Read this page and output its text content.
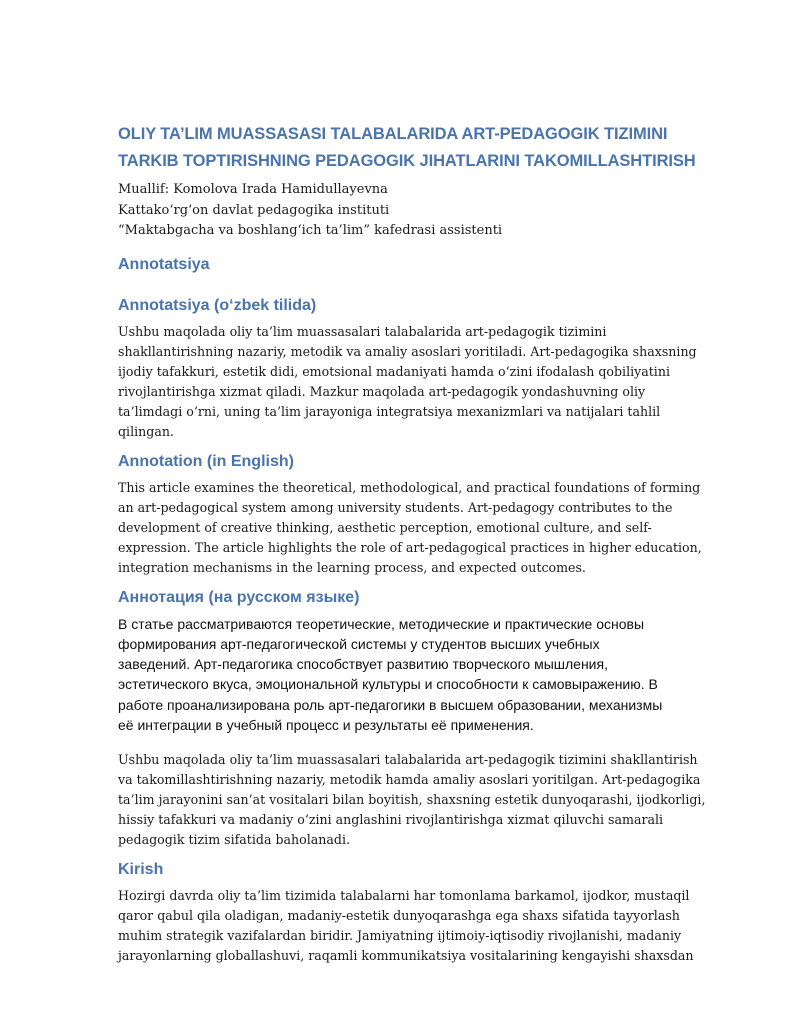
OLIY TA’LIM MUASSASASI TALABALARIDA ART-PEDAGOGIK TIZIMINI
TARKIB TOPTIRISHNING PEDAGOGIK JIHATLARINI TAKOMILLASHTIRISH

Muallif: Komolova Irada Hamidullayevna

Kattako‘rg‘on davlat pedagogika instituti

“Maktabgacha va boshlang‘ich ta’lim” kafedrasi assistenti

Annotatsiya
Annotatsiya (o‘zbek tilida)

Ushbu maqolada oliy ta’lim muassasalari talabalarida art-pedagogik tizimini
shakllantirishning nazariy, metodik va amaliy asoslari yoritiladi. Art-pedagogika shaxsning
ijodiy tafakkuri, estetik didi, emotsional madaniyati hamda o‘zini ifodalash qobiliyatini
rivojlantirishga xizmat qiladi. Mazkur maqolada art-pedagogik yondashuvning oliy
ta’limdagi o‘rni, uning ta’lim jarayoniga integratsiya mexanizmlari va natijalari tahlil
qilingan.

Annotation (in English)

This article examines the theoretical, methodological, and practical foundations of forming
an art-pedagogical system among university students. Art-pedagogy contributes to the
development of creative thinking, aesthetic perception, emotional culture, and self-
expression. The article highlights the role of art-pedagogical practices in higher education,
integration mechanisms in the learning process, and expected outcomes.

Аннотация (на русском языке)

В статье рассматриваются теоретические, методические и практические основы
формирования арт-педагогической системы у студентов высших учебных
заведений. Арт-педагогика способствует развитию творческого мышления,
эстетического вкуса, эмоциональной культуры и способности к самовыражению. В
работе проанализирована роль арт-педагогики в высшем образовании, механизмы
её интеграции в учебный процесс и результаты её применения.

Ushbu maqolada oliy ta’lim muassasalari talabalarida art-pedagogik tizimini shakllantirish
va takomillashtirishning nazariy, metodik hamda amaliy asoslari yoritilgan. Art-pedagogika
ta’lim jarayonini san’at vositalari bilan boyitish, shaxsning estetik dunyoqarashi, ijodkorligi,
hissiy tafakkuri va madaniy o‘zini anglashini rivojlantirishga xizmat qiluvchi samarali
pedagogik tizim sifatida baholanadi.

Kirish

Hozirgi davrda oliy ta’lim tizimida talabalarni har tomonlama barkamol, ijodkor, mustaqil
qaror qabul qila oladigan, madaniy-estetik dunyoqarashga ega shaxs sifatida tayyorlash
muhim strategik vazifalardan biridir. Jamiyatning ijtimoiy-iqtisodiy rivojlanishi, madaniy
jarayonlarning globallashuvi, raqamli kommunikatsiya vositalarining kengayishi shaxsdan
